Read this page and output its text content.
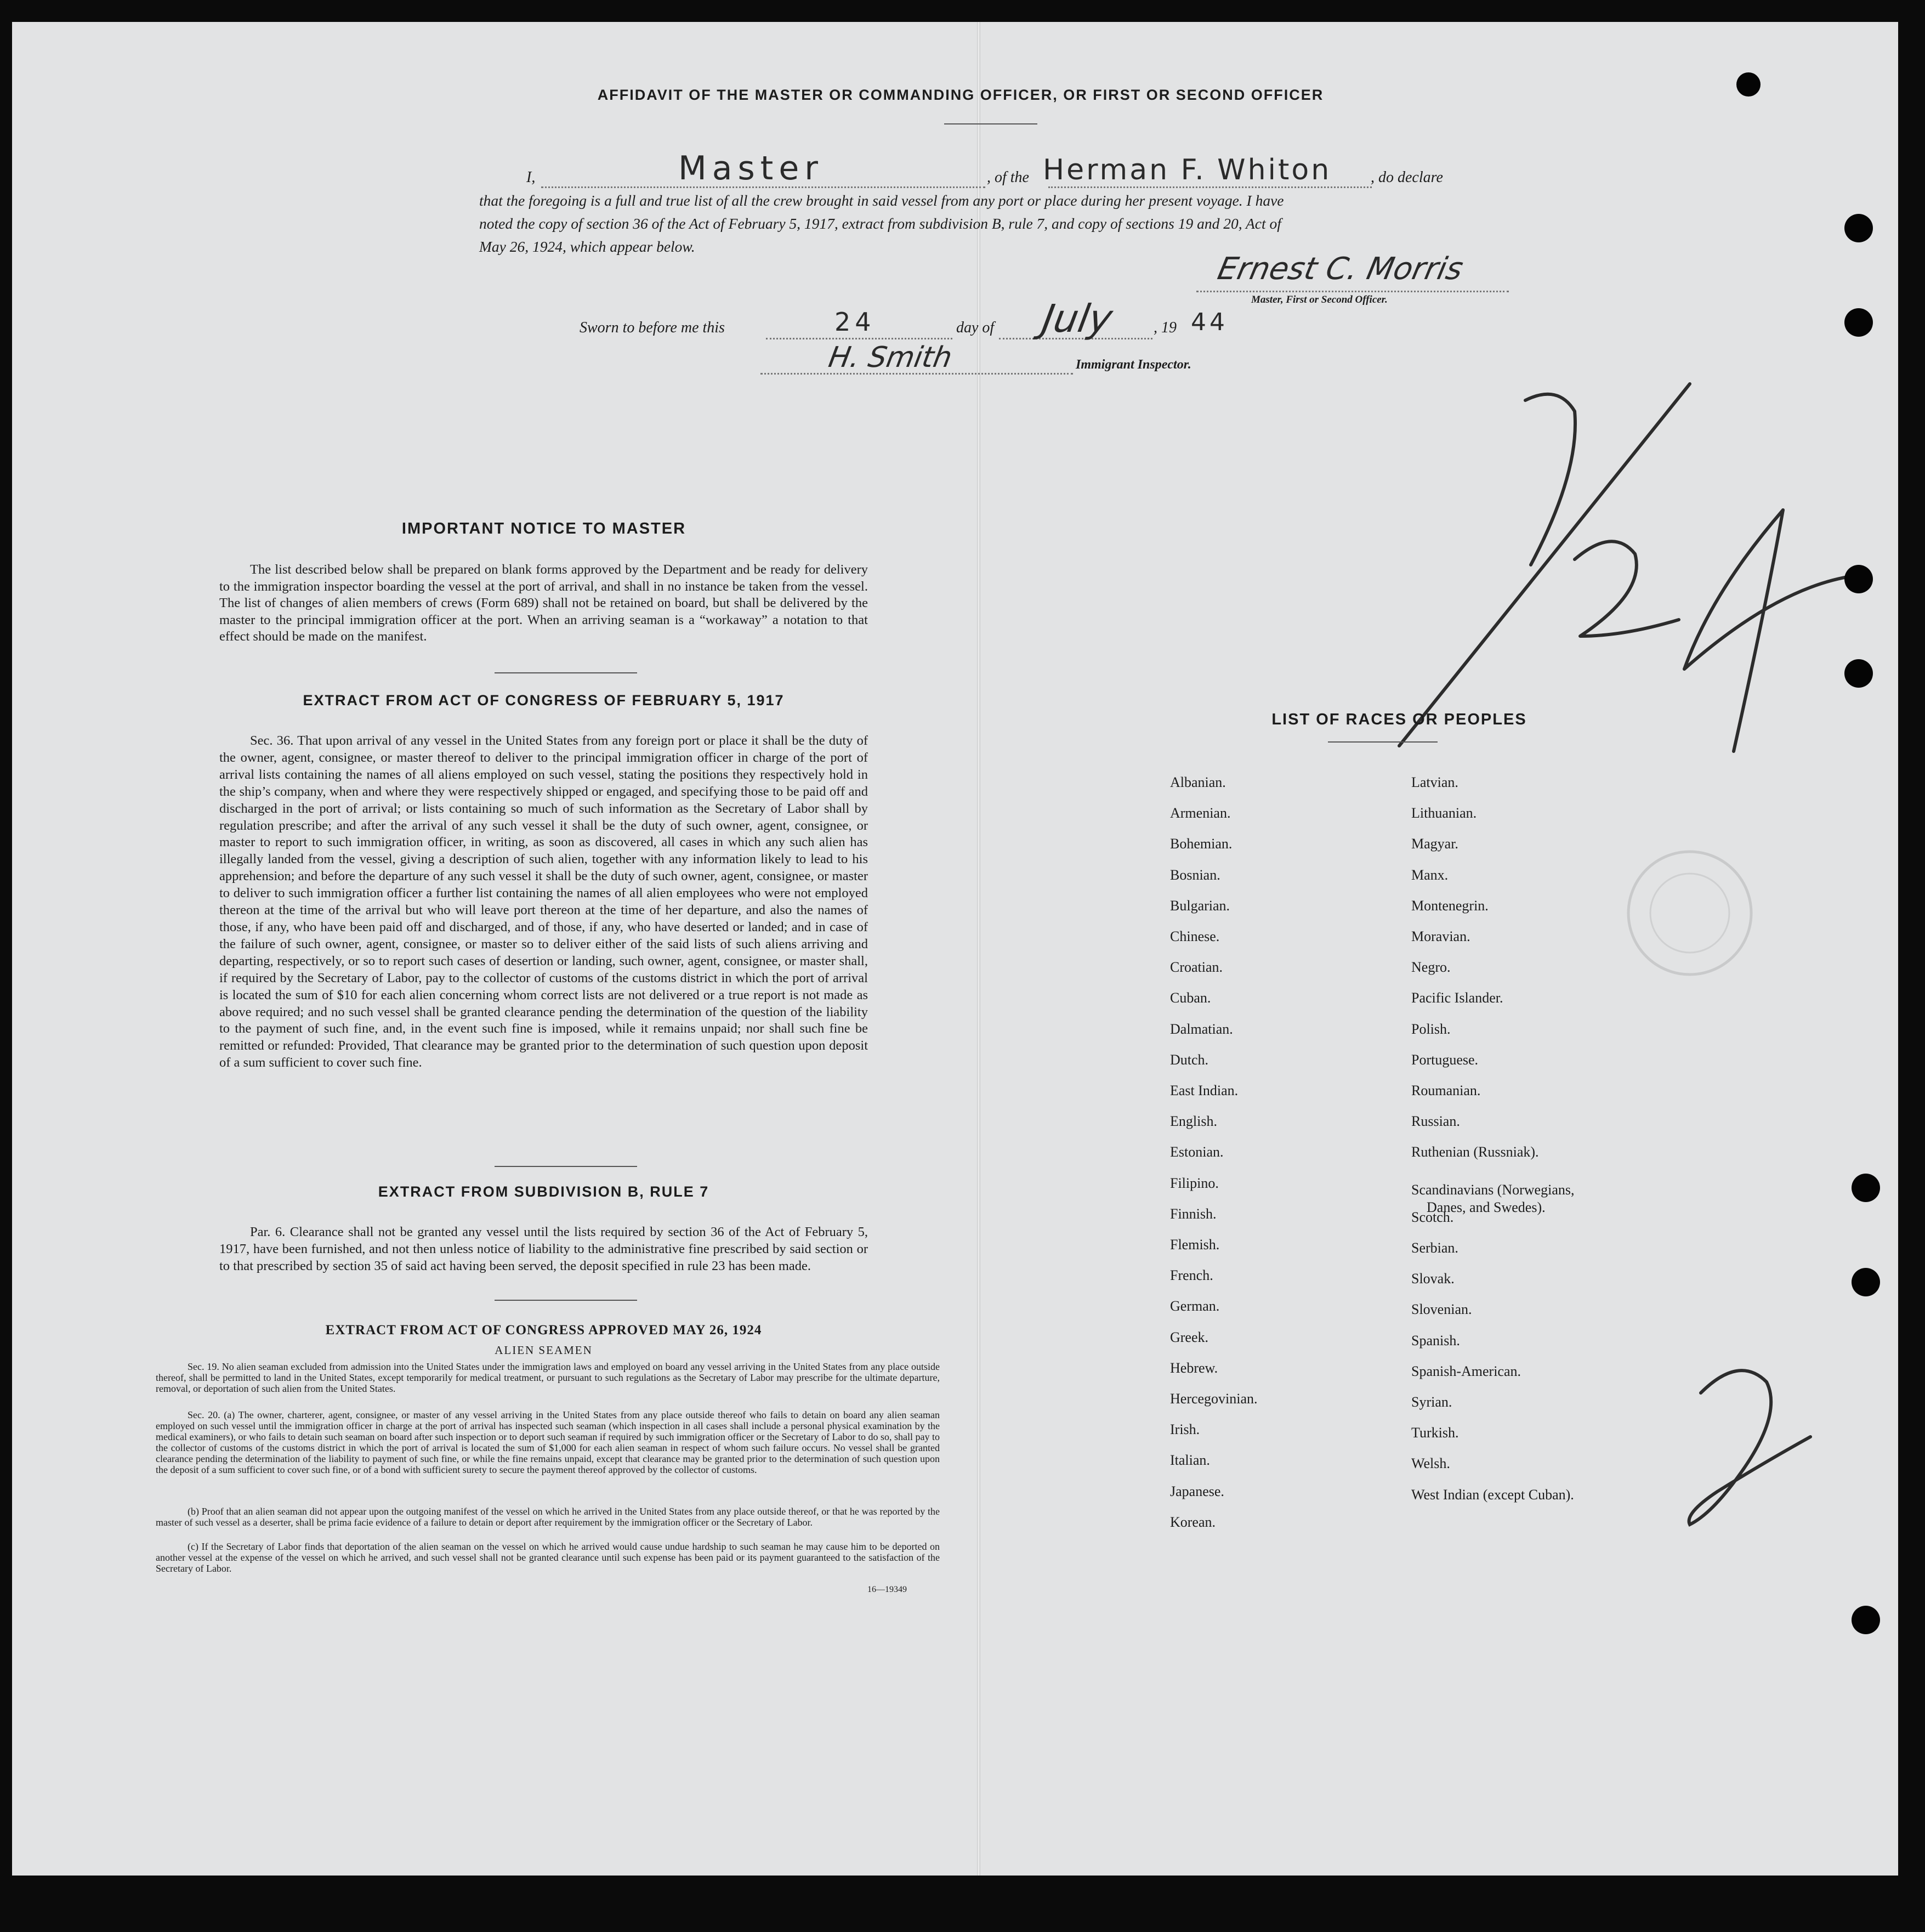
AFFIDAVIT OF THE MASTER OR COMMANDING OFFICER, OR FIRST OR SECOND OFFICER
I,	Master	, of the Herman F. Whiton	, do declare
that the foregoing is a full and true list of all the crew brought in said vessel from any port or place during her present voyage. I have
noted the copy of section 36 of the Act of February 5, 1917, extract from subdivision B, rule 7, and copy of sections 19 and 20, Act of
May 26, 1924, which appear below.
Ernest C. Morris
Master, First or Second Officer.
Sworn to before me this	24	day of July , 19 44
H. Smith	Immigrant Inspector.	7/24
2
IMPORTANT NOTICE TO MASTER
The list described below shall be prepared on blank forms approved by the Department and be ready for delivery to the immigration inspector boarding the vessel at the port of arrival, and shall in no instance be taken from the vessel. The list of changes of alien members of crews (Form 689) shall not be retained on board, but shall be delivered by the master to the principal immigration officer at the port. When an arriving seaman is a “workaway” a notation to that effect should be made on the manifest.
EXTRACT FROM ACT OF CONGRESS OF FEBRUARY 5, 1917
Sec. 36. That upon arrival of any vessel in the United States from any foreign port or place it shall be the duty of the owner, agent, consignee, or master thereof to deliver to the principal immigration officer in charge of the port of arrival lists containing the names of all aliens employed on such vessel, stating the positions they respectively hold in the ship’s company, when and where they were respectively shipped or engaged, and specifying those to be paid off and discharged in the port of arrival; or lists containing so much of such information as the Secretary of Labor shall by regulation prescribe; and after the arrival of any such vessel it shall be the duty of such owner, agent, consignee, or master to report to such immigration officer, in writing, as soon as discovered, all cases in which any such alien has illegally landed from the vessel, giving a description of such alien, together with any information likely to lead to his apprehension; and before the departure of any such vessel it shall be the duty of such owner, agent, consignee, or master to deliver to such immigration officer a further list containing the names of all alien employees who were not employed thereon at the time of the arrival but who will leave port thereon at the time of her departure, and also the names of those, if any, who have been paid off and discharged, and of those, if any, who have deserted or landed; and in case of the failure of such owner, agent, consignee, or master so to deliver either of the said lists of such aliens arriving and departing, respectively, or so to report such cases of desertion or landing, such owner, agent, consignee, or master shall, if required by the Secretary of Labor, pay to the collector of customs of the customs district in which the port of arrival is located the sum of $10 for each alien concerning whom correct lists are not delivered or a true report is not made as above required; and no such vessel shall be granted clearance pending the determination of the question of the liability to the payment of such fine, and, in the event such fine is imposed, while it remains unpaid; nor shall such fine be remitted or refunded: Provided, That clearance may be granted prior to the determination of such question upon deposit of a sum sufficient to cover such fine.
EXTRACT FROM SUBDIVISION B, RULE 7
Par. 6. Clearance shall not be granted any vessel until the lists required by section 36 of the Act of February 5, 1917, have been furnished, and not then unless notice of liability to the administrative fine prescribed by said section or to that prescribed by section 35 of said act having been served, the deposit specified in rule 23 has been made.
EXTRACT FROM ACT OF CONGRESS APPROVED MAY 26, 1924
ALIEN SEAMEN
Sec. 19. No alien seaman excluded from admission into the United States under the immigration laws and employed on board any vessel arriving in the United States from any place outside thereof, shall be permitted to land in the United States, except temporarily for medical treatment, or pursuant to such regulations as the Secretary of Labor may prescribe for the ultimate departure, removal, or deportation of such alien from the United States.
Sec. 20. (a) The owner, charterer, agent, consignee, or master of any vessel arriving in the United States from any place outside thereof who fails to detain on board any alien seaman employed on such vessel until the immigration officer in charge at the port of arrival has inspected such seaman (which inspection in all cases shall include a personal physical examination by the medical examiners), or who fails to detain such seaman on board after such inspection or to deport such seaman if required by such immigration officer or the Secretary of Labor to do so, shall pay to the collector of customs of the customs district in which the port of arrival is located the sum of $1,000 for each alien seaman in respect of whom such failure occurs. No vessel shall be granted clearance pending the determination of the liability to payment of such fine, or while the fine remains unpaid, except that clearance may be granted prior to the determination of such question upon the deposit of a sum sufficient to cover such fine, or of a bond with sufficient surety to secure the payment thereof approved by the collector of customs.
(b) Proof that an alien seaman did not appear upon the outgoing manifest of the vessel on which he arrived in the United States from any place outside thereof, or that he was reported by the master of such vessel as a deserter, shall be prima facie evidence of a failure to detain or deport after requirement by the immigration officer or the Secretary of Labor.
(c) If the Secretary of Labor finds that deportation of the alien seaman on the vessel on which he arrived would cause undue hardship to such seaman he may cause him to be deported on another vessel at the expense of the vessel on which he arrived, and such vessel shall not be granted clearance until such expense has been paid or its payment guaranteed to the satisfaction of the Secretary of Labor.
16—19349
LIST OF RACES OR PEOPLES
Albanian.
Armenian.
Bohemian.
Bosnian.
Bulgarian.
Chinese.
Croatian.
Cuban.
Dalmatian.
Dutch.
East Indian.
English.
Estonian.
Filipino.
Finnish.
Flemish.
French.
German.
Greek.
Hebrew.
Hercegovinian.
Irish.
Italian.
Japanese.
Korean.
Latvian.
Lithuanian.
Magyar.
Manx.
Montenegrin.
Moravian.
Negro.
Pacific Islander.
Polish.
Portuguese.
Roumanian.
Russian.
Ruthenian (Russniak).
Scandinavians (Norwegians,
Danes, and Swedes).
Scotch.
Serbian.
Slovak.
Slovenian.
Spanish.
Spanish-American.
Syrian.
Turkish.
Welsh.
West Indian (except Cuban).
